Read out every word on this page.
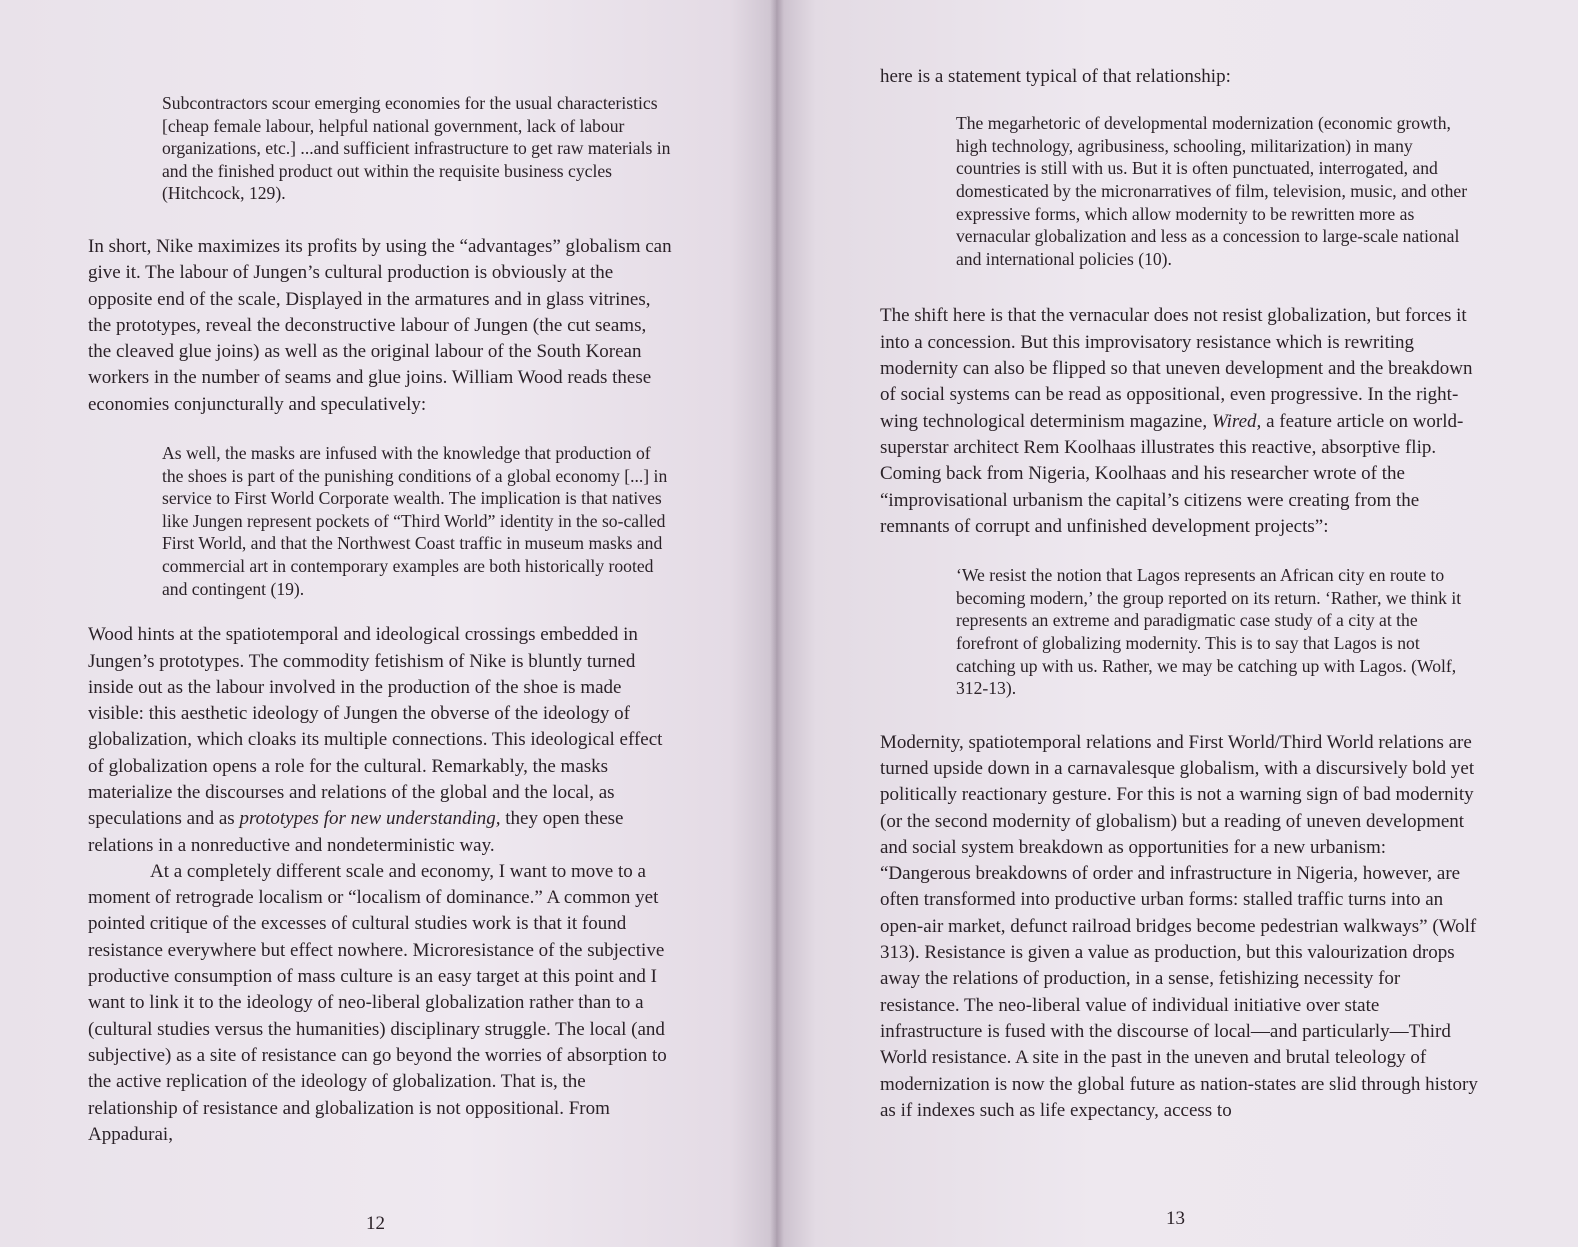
Subcontractors scour emerging economies for the usual characteristics [cheap female labour, helpful national government, lack of labour organizations, etc.] ...and sufficient infrastructure to get raw materials in and the finished product out within the requisite business cycles (Hitchcock, 129).

In short, Nike maximizes its profits by using the “advantages” globalism can give it. The labour of Jungen’s cultural production is obviously at the opposite end of the scale, Displayed in the armatures and in glass vitrines, the prototypes, reveal the deconstructive labour of Jungen (the cut seams, the cleaved glue joins) as well as the original labour of the South Korean workers in the number of seams and glue joins. William Wood reads these economies conjuncturally and speculatively:

As well, the masks are infused with the knowledge that production of the shoes is part of the punishing conditions of a global economy [...] in service to First World Corporate wealth. The implication is that natives like Jungen represent pockets of “Third World” identity in the so-called First World, and that the Northwest Coast traffic in museum masks and commercial art in contemporary examples are both historically rooted and contingent (19).

Wood hints at the spatiotemporal and ideological crossings embedded in Jungen’s prototypes. The commodity fetishism of Nike is bluntly turned inside out as the labour involved in the production of the shoe is made visible: this aesthetic ideology of Jungen the obverse of the ideology of globalization, which cloaks its multiple connections. This ideological effect of globalization opens a role for the cultural. Remarkably, the masks materialize the discourses and relations of the global and the local, as speculations and as prototypes for new understanding, they open these relations in a nonreductive and nondeterministic way.

At a completely different scale and economy, I want to move to a moment of retrograde localism or “localism of dominance.” A common yet pointed critique of the excesses of cultural studies work is that it found resistance everywhere but effect nowhere. Microresistance of the subjective productive consumption of mass culture is an easy target at this point and I want to link it to the ideology of neo-liberal globalization rather than to a (cultural studies versus the humanities) disciplinary struggle. The local (and subjective) as a site of resistance can go beyond the worries of absorption to the active replication of the ideology of globalization. That is, the relationship of resistance and globalization is not oppositional. From Appadurai,

12

here is a statement typical of that relationship:

The megarhetoric of developmental modernization (economic growth, high technology, agribusiness, schooling, militarization) in many countries is still with us. But it is often punctuated, interrogated, and domesticated by the micronarratives of film, television, music, and other expressive forms, which allow modernity to be rewritten more as vernacular globalization and less as a concession to large-scale national and international policies (10).

The shift here is that the vernacular does not resist globalization, but forces it into a concession. But this improvisatory resistance which is rewriting modernity can also be flipped so that uneven development and the breakdown of social systems can be read as oppositional, even progressive. In the right-wing technological determinism magazine, Wired, a feature article on world-superstar architect Rem Koolhaas illustrates this reactive, absorptive flip. Coming back from Nigeria, Koolhaas and his researcher wrote of the “improvisational urbanism the capital’s citizens were creating from the remnants of corrupt and unfinished development projects”:

‘We resist the notion that Lagos represents an African city en route to becoming modern,’ the group reported on its return. ‘Rather, we think it represents an extreme and paradigmatic case study of a city at the forefront of globalizing modernity. This is to say that Lagos is not catching up with us. Rather, we may be catching up with Lagos. (Wolf, 312-13).

Modernity, spatiotemporal relations and First World/Third World relations are turned upside down in a carnavalesque globalism, with a discursively bold yet politically reactionary gesture. For this is not a warning sign of bad modernity (or the second modernity of globalism) but a reading of uneven development and social system breakdown as opportunities for a new urbanism: “Dangerous breakdowns of order and infrastructure in Nigeria, however, are often transformed into productive urban forms: stalled traffic turns into an open-air market, defunct railroad bridges become pedestrian walkways” (Wolf 313). Resistance is given a value as production, but this valourization drops away the relations of production, in a sense, fetishizing necessity for resistance. The neo-liberal value of individual initiative over state infrastructure is fused with the discourse of local—and particularly—Third World resistance. A site in the past in the uneven and brutal teleology of modernization is now the global future as nation-states are slid through history as if indexes such as life expectancy, access to

13
